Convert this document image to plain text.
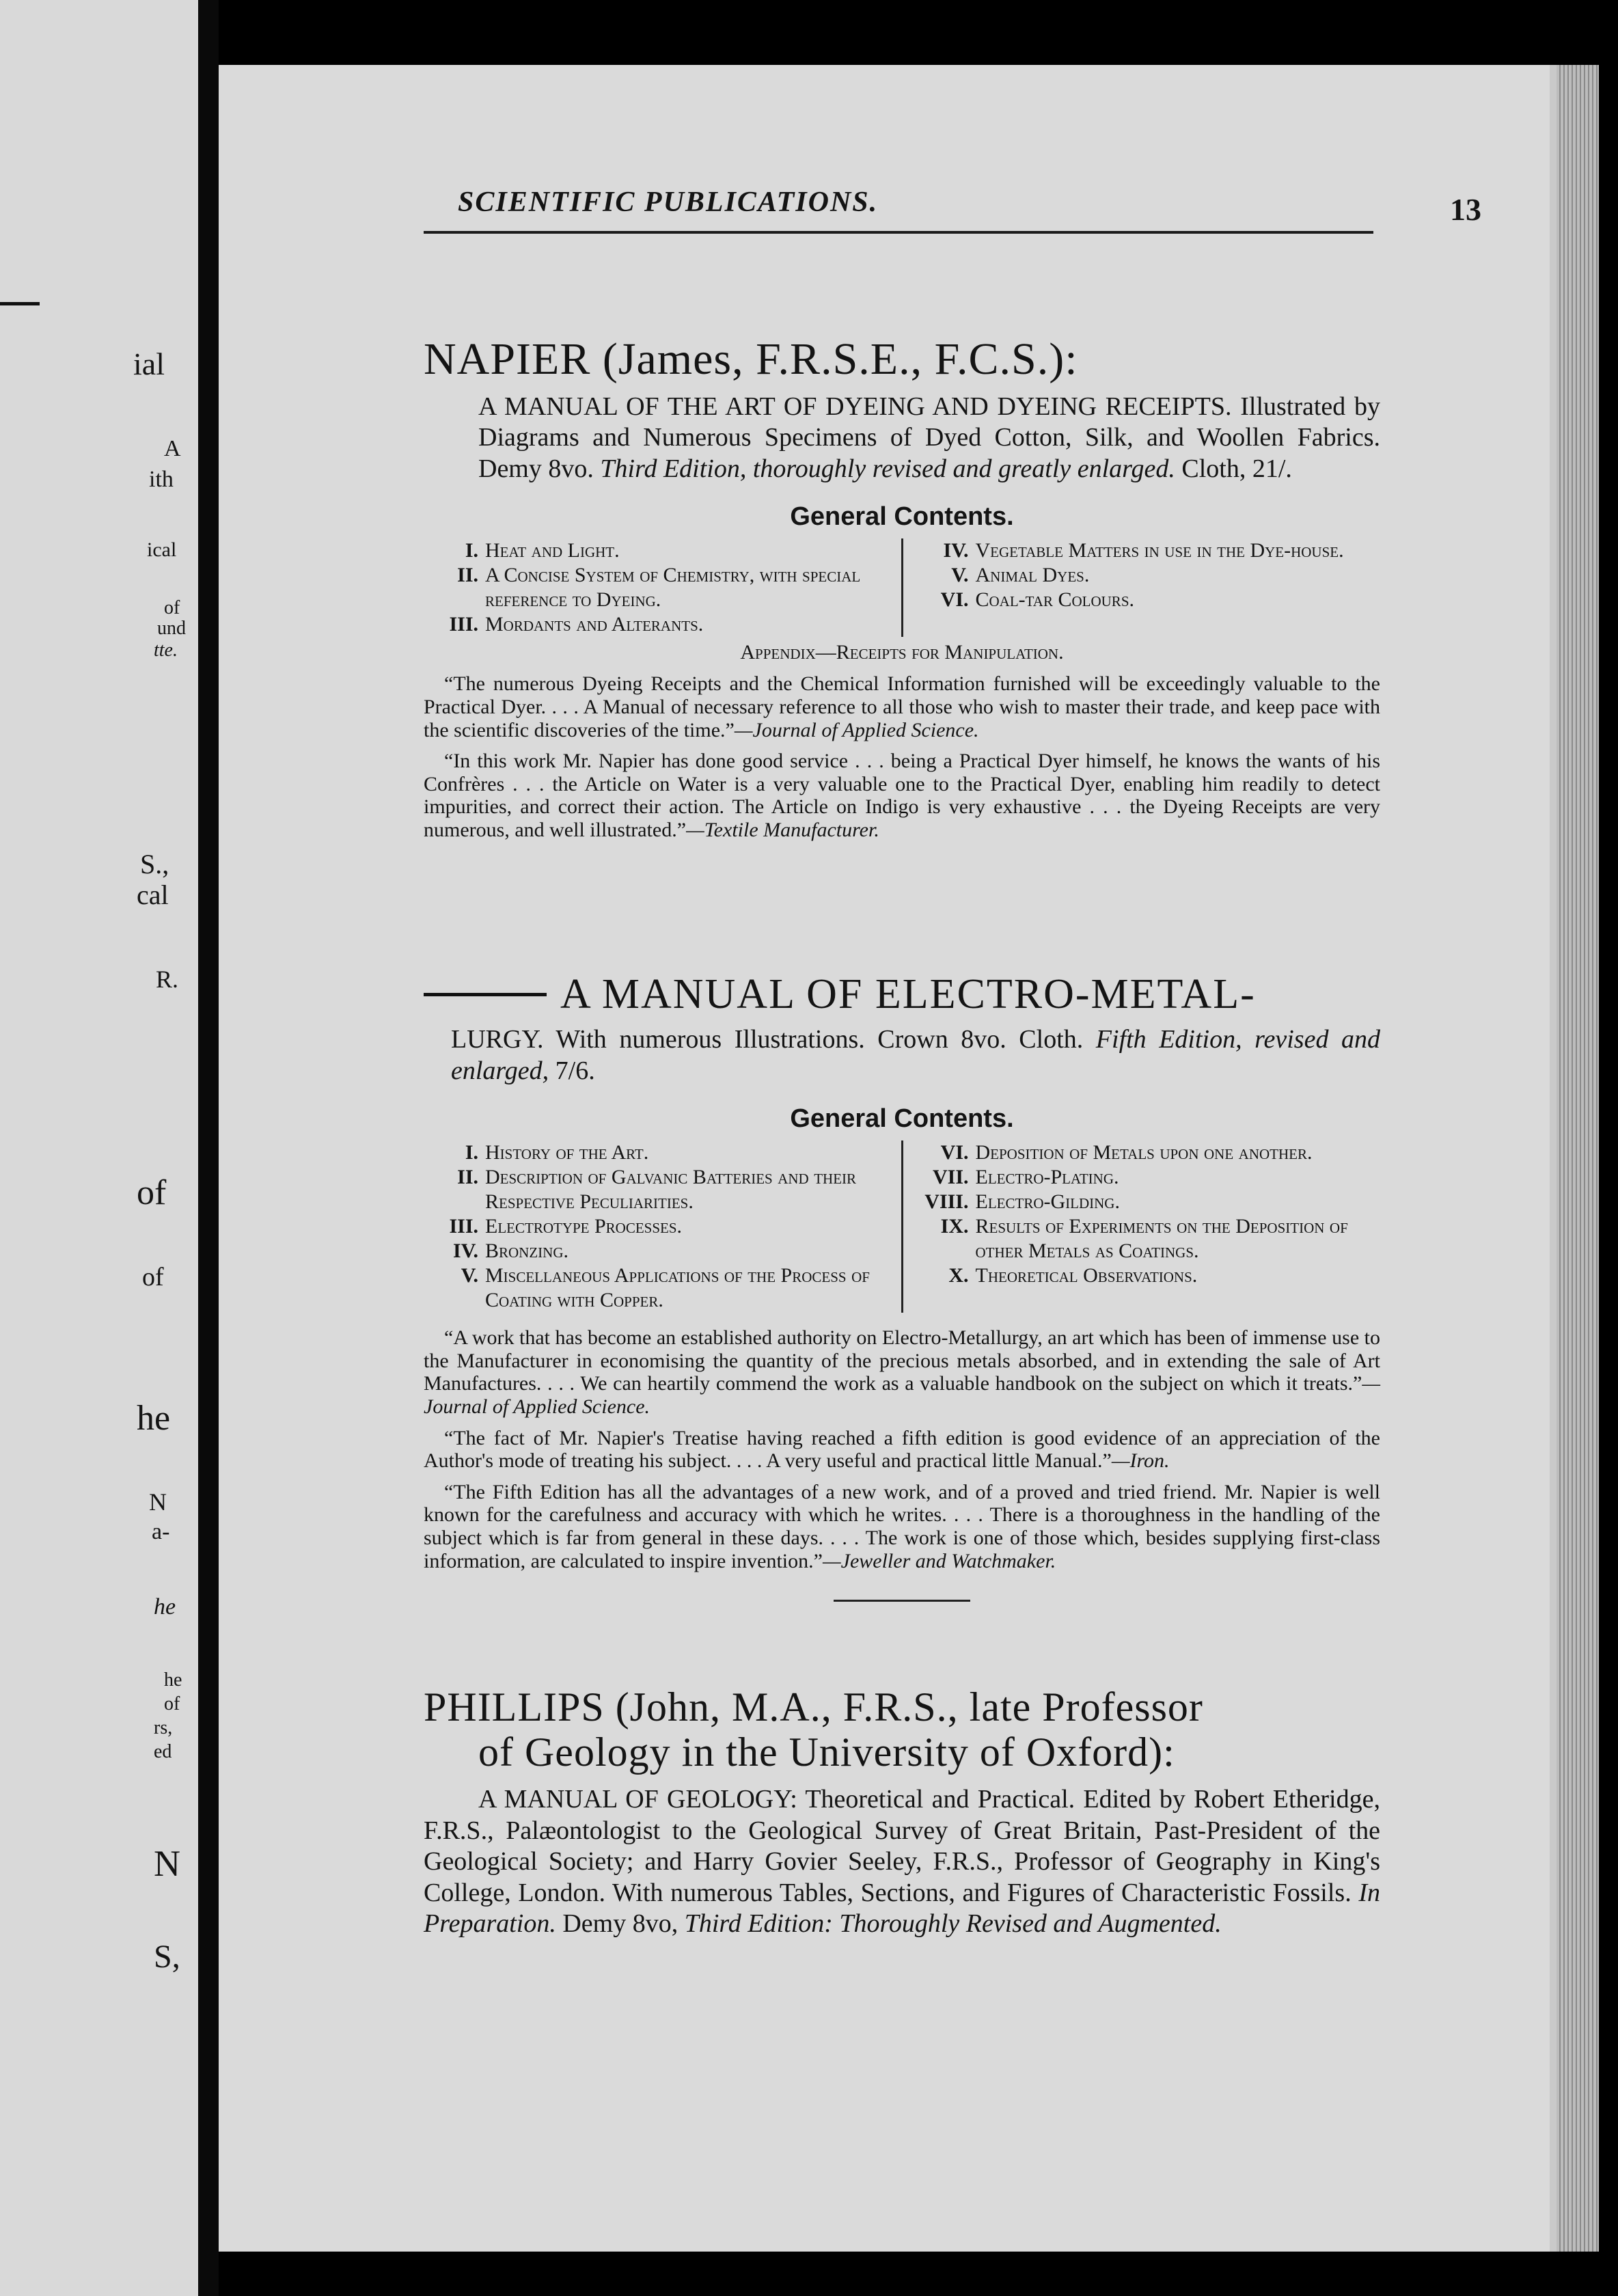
ial
A
ith
ical
of
und
tte.
S.,
cal
R.
of
of
he
N
a-
he
he
of
rs,
ed
N
S,
SCIENTIFIC PUBLICATIONS.	13
NAPIER (James, F.R.S.E., F.C.S.):
A MANUAL OF THE ART OF DYEING AND DYEING RECEIPTS. Illustrated by Diagrams and Numerous Specimens of Dyed Cotton, Silk, and Woollen Fabrics. Demy 8vo. Third Edition, thoroughly revised and greatly enlarged. Cloth, 21/.
General Contents.
I. Heat and Light.
II. A Concise System of Chemistry, with special reference to Dyeing.
III. Mordants and Alterants.
IV. Vegetable Matters in use in the Dye-house.
V. Animal Dyes.
VI. Coal-tar Colours.
Appendix—Receipts for Manipulation.
“The numerous Dyeing Receipts and the Chemical Information furnished will be exceedingly valuable to the Practical Dyer. . . . A Manual of necessary reference to all those who wish to master their trade, and keep pace with the scientific discoveries of the time.”—Journal of Applied Science.
“In this work Mr. Napier has done good service . . . being a Practical Dyer himself, he knows the wants of his Confrères . . . the Article on Water is a very valuable one to the Practical Dyer, enabling him readily to detect impurities, and correct their action. The Article on Indigo is very exhaustive . . . the Dyeing Receipts are very numerous, and well illustrated.”—Textile Manufacturer.
A MANUAL OF ELECTRO-METAL-
LURGY. With numerous Illustrations. Crown 8vo. Cloth. Fifth Edition, revised and enlarged, 7/6.
General Contents.
I. History of the Art.
II. Description of Galvanic Batteries and their Respective Peculiarities.
III. Electrotype Processes.
IV. Bronzing.
V. Miscellaneous Applications of the Process of Coating with Copper.
VI. Deposition of Metals upon one another.
VII. Electro-Plating.
VIII. Electro-Gilding.
IX. Results of Experiments on the Deposition of other Metals as Coatings.
X. Theoretical Observations.
“A work that has become an established authority on Electro-Metallurgy, an art which has been of immense use to the Manufacturer in economising the quantity of the precious metals absorbed, and in extending the sale of Art Manufactures. . . . We can heartily commend the work as a valuable handbook on the subject on which it treats.”—Journal of Applied Science.
“The fact of Mr. Napier's Treatise having reached a fifth edition is good evidence of an appreciation of the Author's mode of treating his subject. . . . A very useful and practical little Manual.”—Iron.
“The Fifth Edition has all the advantages of a new work, and of a proved and tried friend. Mr. Napier is well known for the carefulness and accuracy with which he writes. . . . There is a thoroughness in the handling of the subject which is far from general in these days. . . . The work is one of those which, besides supplying first-class information, are calculated to inspire invention.”—Jeweller and Watchmaker.
PHILLIPS (John, M.A., F.R.S., late Professor
of Geology in the University of Oxford):
A MANUAL OF GEOLOGY: Theoretical and Practical. Edited by Robert Etheridge, F.R.S., Palæontologist to the Geological Survey of Great Britain, Past-President of the Geological Society; and Harry Govier Seeley, F.R.S., Professor of Geography in King's College, London. With numerous Tables, Sections, and Figures of Characteristic Fossils. In Preparation. Demy 8vo, Third Edition: Thoroughly Revised and Augmented.
